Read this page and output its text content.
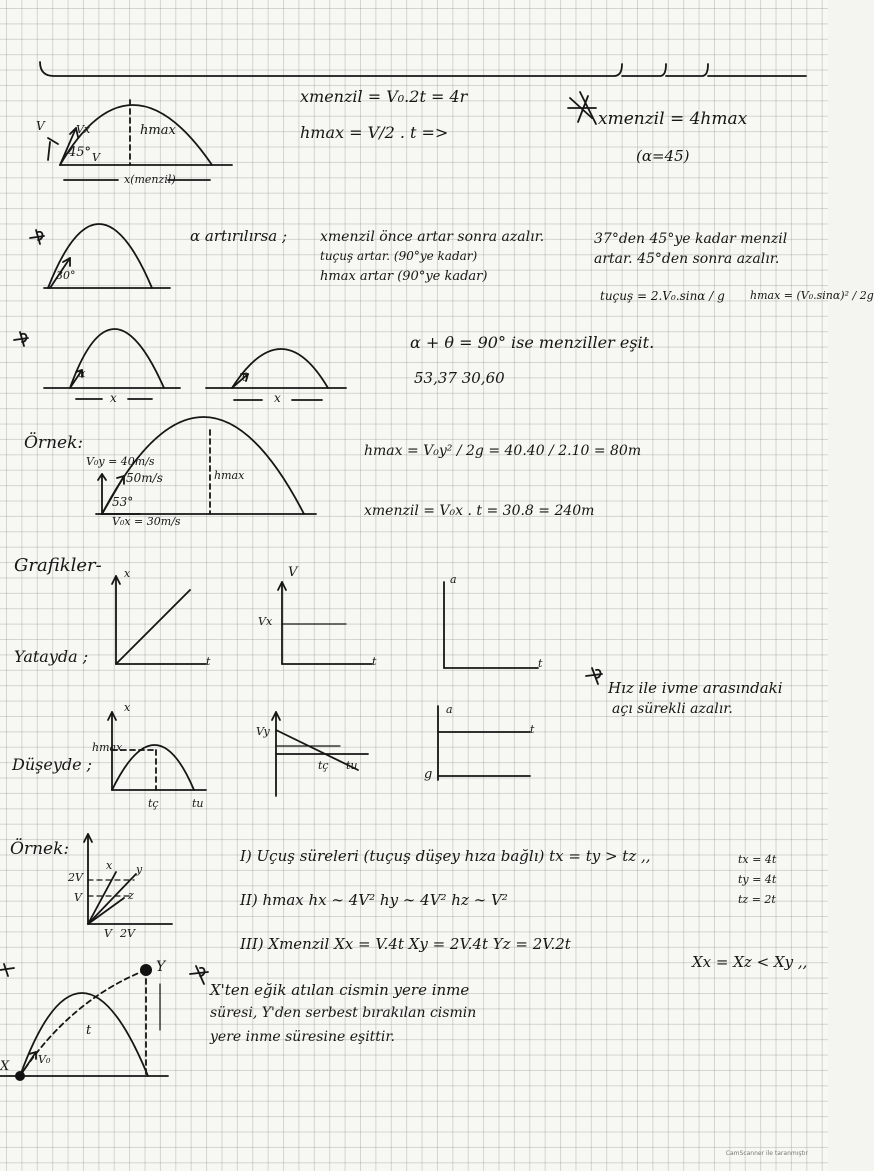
xmenzil = V₀.2t = 4r
hmax = V/2 . t =>
xmenzil = 4hmax
(α=45)
V	Vx
45°
hmax
x(menzil)
V
α artırılırsa ; xmenzil önce artar sonra azalır.
tuçuş artar. (90°ye kadar)
hmax artar (90°ye kadar)
37°den 45°ye kadar menzil
artar. 45°den sonra azalır.
tuçuş = 2.V₀.sinα / g hmax = (V₀.sinα)² / 2g
30°
α + θ = 90° ise menziller eşit.
53,37 30,60
x	x
α	θ
Örnek:	hmax = V₀y² / 2g = 40.40 / 2.10 = 80m
xmenzil = V₀x . t = 30.8 = 240m
V₀y = 40m/s
50m/s
53°
V₀x = 30m/s
hmax
Grafikler-
Yatayda ;
Düşeyde ;
x
t
V
Vx
t
a
t
x
hmax
tç	tu
Vy
tç tu
a
g
t
Hız ile ivme arasındaki
açı sürekli azalır.
Örnek:	I) Uçuş süreleri (tuçuş düşey hıza bağlı) tx = ty > tz ,,
II) hmax hx ∼ 4V² hy ∼ 4V² hz ∼ V²
III) Xmenzil Xx = V.4t Xy = 2V.4t Yz = 2V.2t
Xx = Xz < Xy ,,
tx = 4t
ty = 4t
tz = 2t
2V
V
V 2V
x y
z
X
Y
V₀
t
X'ten eğik atılan cismin yere inme
süresi, Y'den serbest bırakılan cismin
yere inme süresine eşittir.
CamScanner ile taranmıştır
